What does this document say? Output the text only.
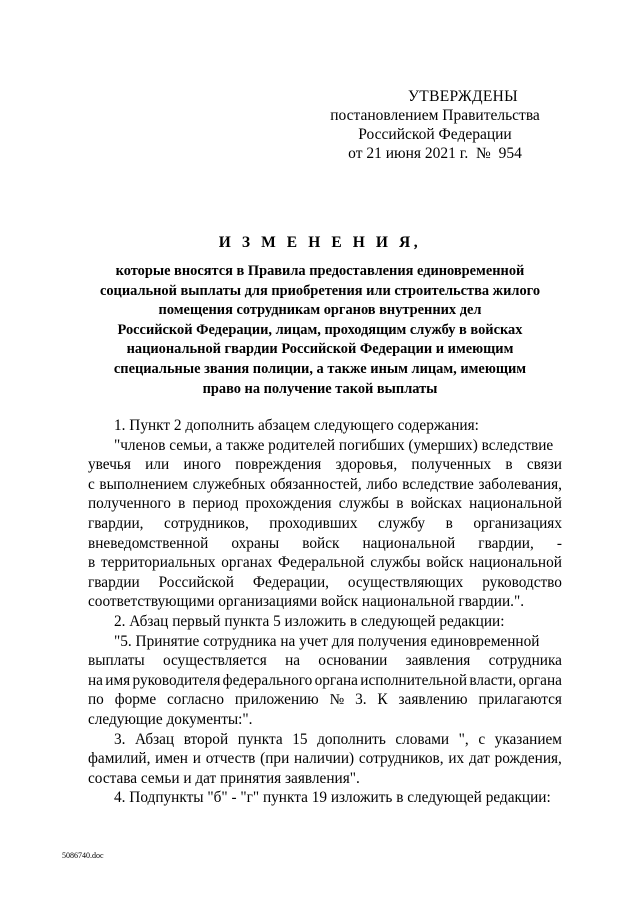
УТВЕРЖДЕНЫ
постановлением Правительства
Российской Федерации
от 21 июня 2021 г.  №  954
И З М Е Н Е Н И Я,
которые вносятся в Правила предоставления единовременной
социальной выплаты для приобретения или строительства жилого
помещения сотрудникам органов внутренних дел
Российской Федерации, лицам, проходящим службу в войсках
национальной гвардии Российской Федерации и имеющим
специальные звания полиции, а также иным лицам, имеющим
право на получение такой выплаты
1. Пункт 2 дополнить абзацем следующего содержания:
"членов семьи, а также родителей погибших (умерших) вследствие
увечья или иного повреждения здоровья, полученных в связи
с выполнением служебных обязанностей, либо вследствие заболевания,
полученного в период прохождения службы в войсках национальной
гвардии, сотрудников, проходивших службу в организациях
вневедомственной охраны войск национальной гвардии, -
в территориальных органах Федеральной службы войск национальной
гвардии Российской Федерации, осуществляющих руководство
соответствующими организациями войск национальной гвардии.".
2. Абзац первый пункта 5 изложить в следующей редакции:
"5. Принятие сотрудника на учет для получения единовременной
выплаты осуществляется на основании заявления сотрудника
на имя руководителя федерального органа исполнительной власти, органа
по форме согласно приложению № 3. К заявлению прилагаются
следующие документы:".
3. Абзац второй пункта 15 дополнить словами ", с указанием
фамилий, имен и отчеств (при наличии) сотрудников, их дат рождения,
состава семьи и дат принятия заявления".
4. Подпункты "б" - "г" пункта 19 изложить в следующей редакции:
5086740.doc
